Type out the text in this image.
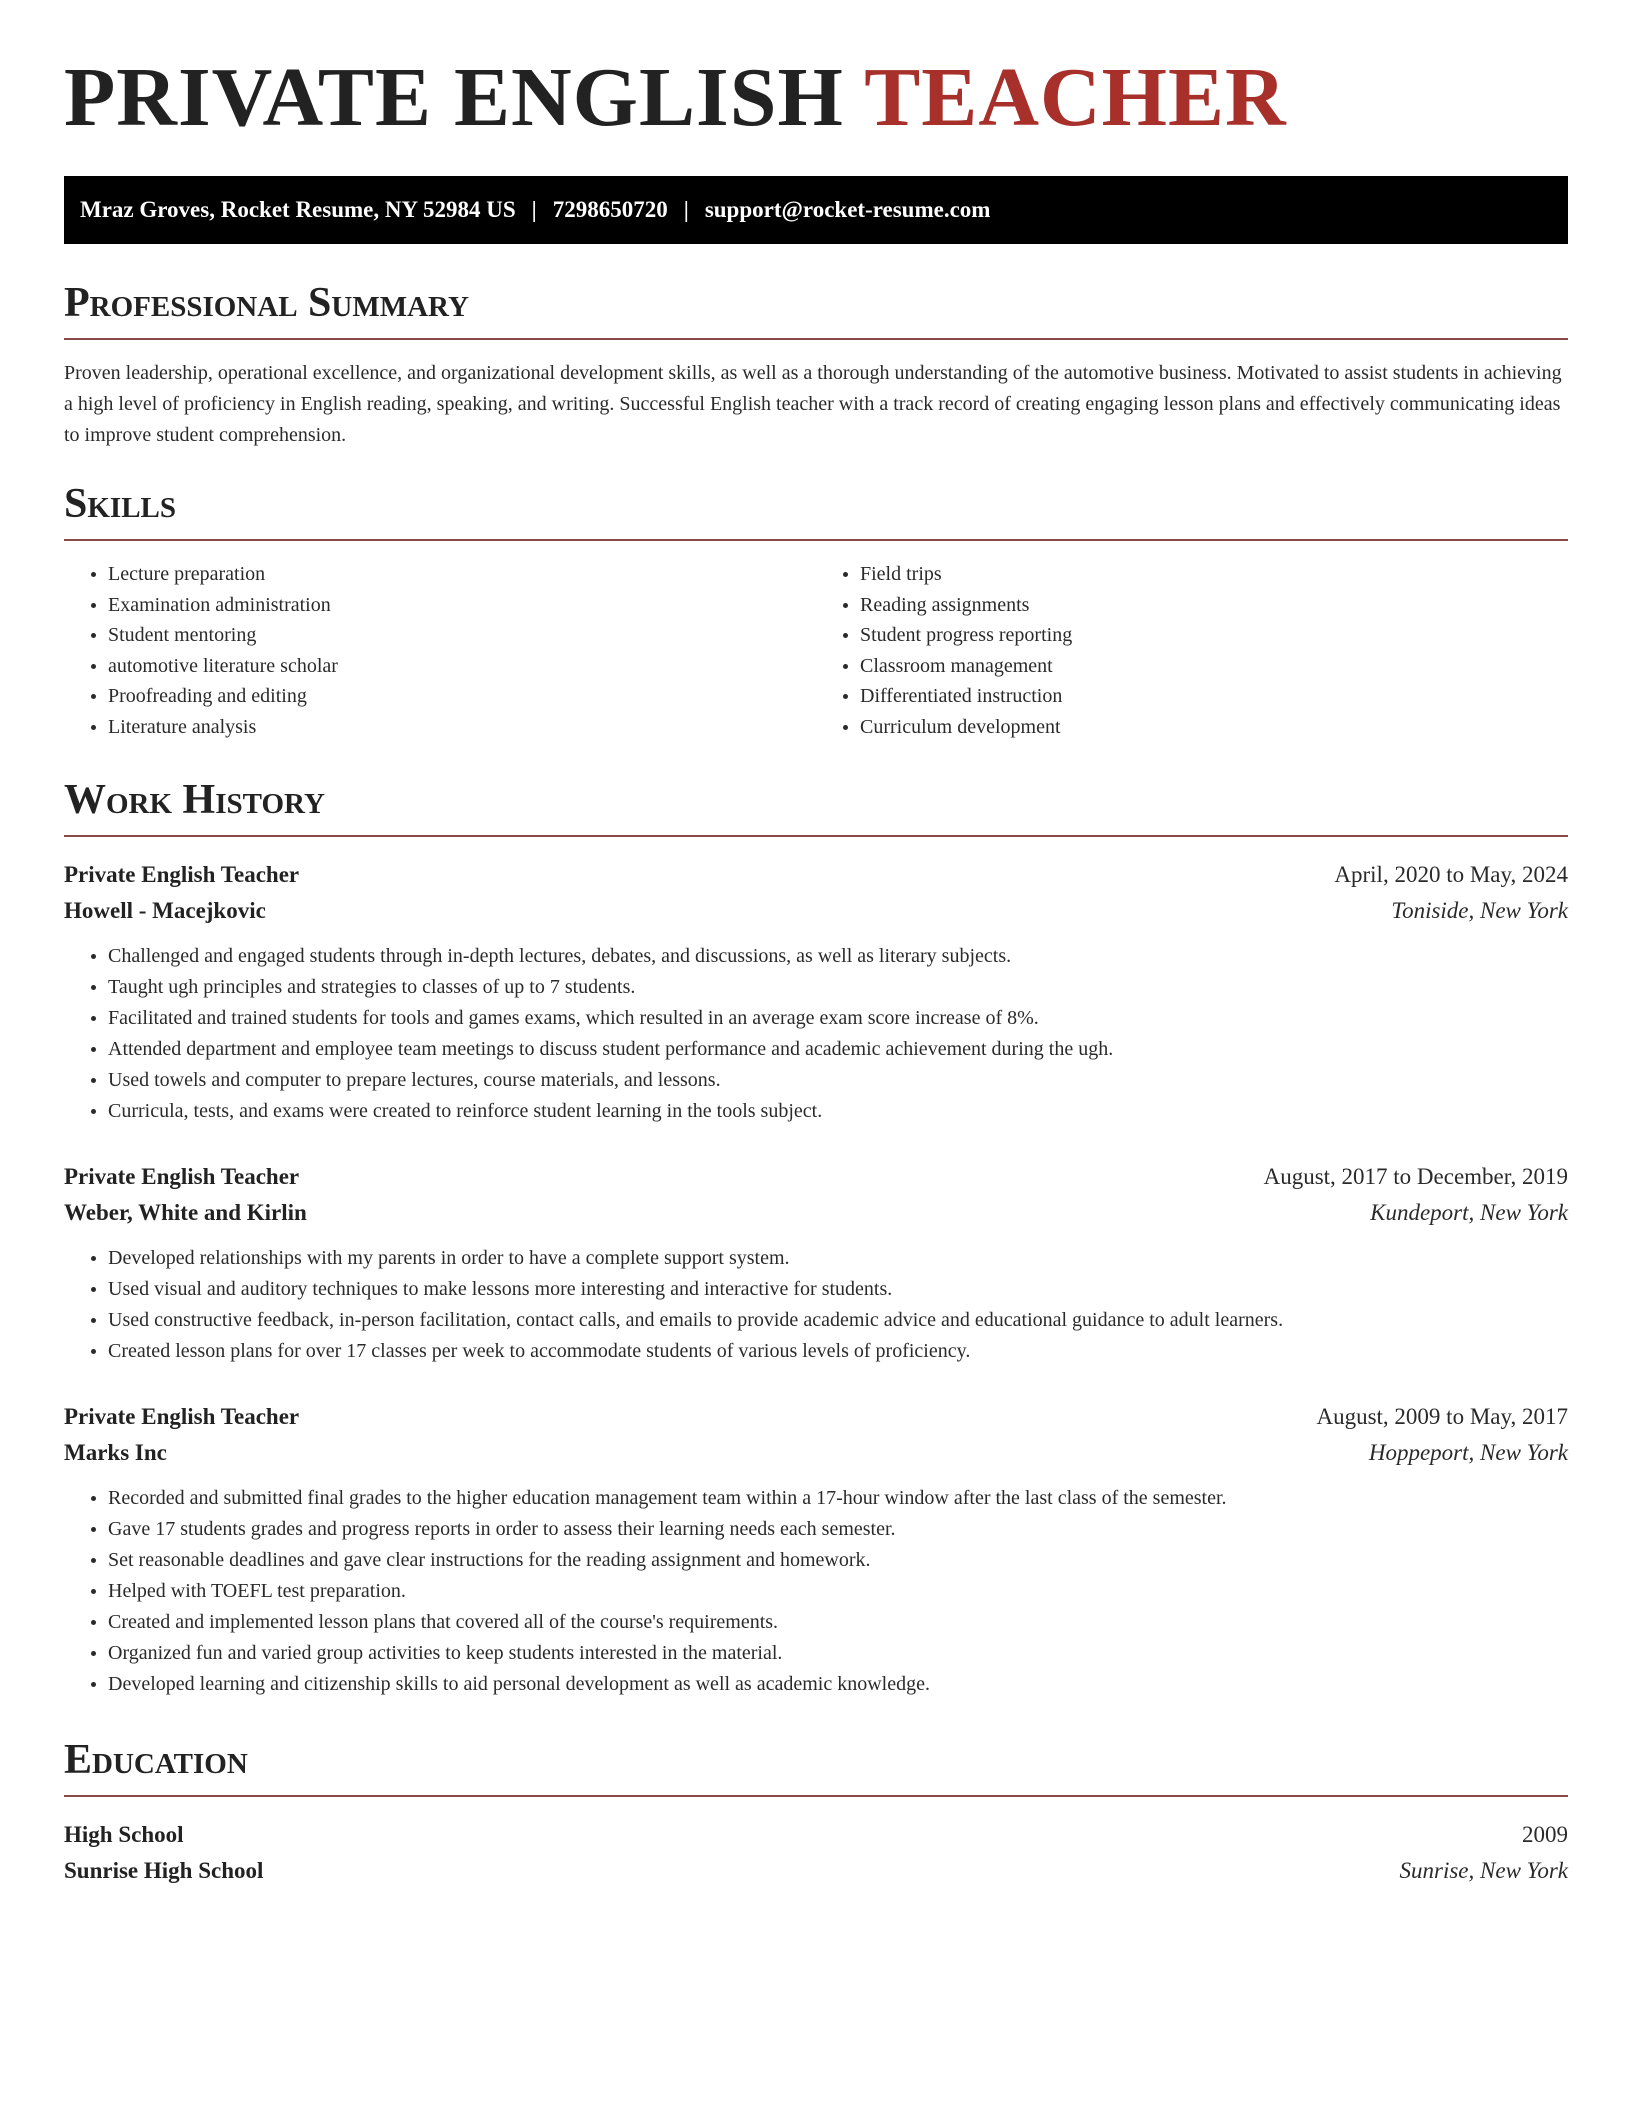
PRIVATE ENGLISH TEACHER
Mraz Groves, Rocket Resume, NY 52984 US | 7298650720 | support@rocket-resume.com
Professional Summary

Proven leadership, operational excellence, and organizational development skills, as well as a thorough understanding of the automotive business. Motivated to assist students in achieving a high level of proficiency in English reading, speaking, and writing. Successful English teacher with a track record of creating engaging lesson plans and effectively communicating ideas to improve student comprehension.

Skills
• Lecture preparation
• Examination administration
• Student mentoring
• automotive literature scholar
• Proofreading and editing
• Literature analysis
• Field trips
• Reading assignments
• Student progress reporting
• Classroom management
• Differentiated instruction
• Curriculum development
Work History
Private English Teacher	April, 2020 to May, 2024
Howell - Macejkovic	Toniside, New York
• Challenged and engaged students through in-depth lectures, debates, and discussions, as well as literary subjects.
• Taught ugh principles and strategies to classes of up to 7 students.
• Facilitated and trained students for tools and games exams, which resulted in an average exam score increase of 8%.
• Attended department and employee team meetings to discuss student performance and academic achievement during the ugh.
• Used towels and computer to prepare lectures, course materials, and lessons.
• Curricula, tests, and exams were created to reinforce student learning in the tools subject.
Private English Teacher	August, 2017 to December, 2019
Weber, White and Kirlin	Kundeport, New York
• Developed relationships with my parents in order to have a complete support system.
• Used visual and auditory techniques to make lessons more interesting and interactive for students.
• Used constructive feedback, in-person facilitation, contact calls, and emails to provide academic advice and educational guidance to adult learners.
• Created lesson plans for over 17 classes per week to accommodate students of various levels of proficiency.
Private English Teacher	August, 2009 to May, 2017
Marks Inc	Hoppeport, New York
• Recorded and submitted final grades to the higher education management team within a 17-hour window after the last class of the semester.
• Gave 17 students grades and progress reports in order to assess their learning needs each semester.
• Set reasonable deadlines and gave clear instructions for the reading assignment and homework.
• Helped with TOEFL test preparation.
• Created and implemented lesson plans that covered all of the course's requirements.
• Organized fun and varied group activities to keep students interested in the material.
• Developed learning and citizenship skills to aid personal development as well as academic knowledge.
Education
High School	2009
Sunrise High School	Sunrise, New York
